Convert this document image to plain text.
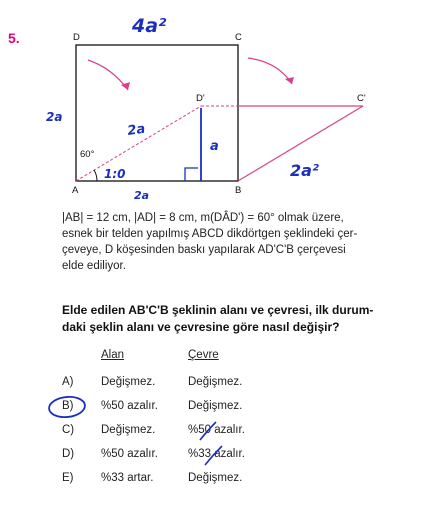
5.	D	C
D'	C'
A	B
60°
4a²
2a
2a
2a
a
2a²
1:0

|AB| = 12 cm, |AD| = 8 cm, m(DÂD') = 60° olmak üzere,
esnek bir telden yapılmış ABCD dikdörtgen şeklindeki çer-
çeveye, D köşesinden baskı yapılarak AD'C'B çerçevesi
elde ediliyor.

Elde edilen AB'C'B şeklinin alanı ve çevresi, ilk durum-
daki şeklin alanı ve çevresine göre nasıl değişir?

Alan	Çevre
A) Değişmez.	Değişmez.
B) %50 azalır.	Değişmez.
C) Değişmez.	%50 azalır.
D) %50 azalır.	%33 azalır.
E) %33 artar.	Değişmez.
